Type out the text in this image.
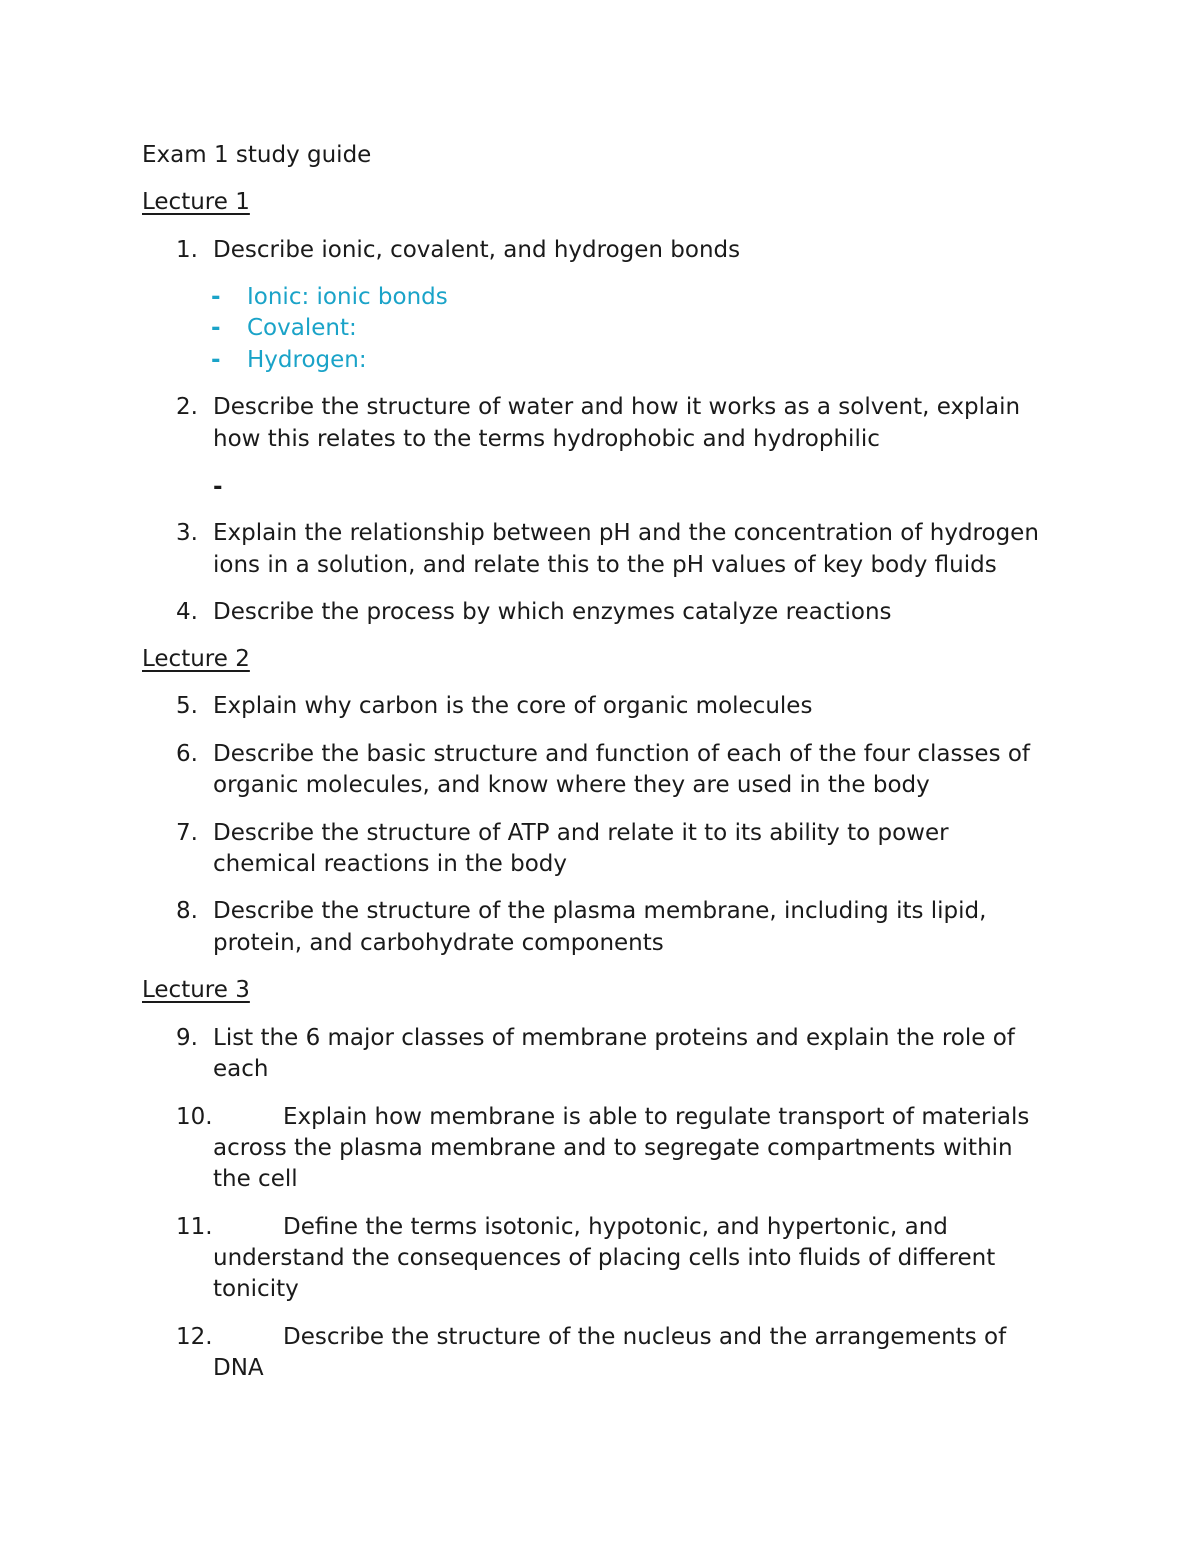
Exam 1 study guide
Lecture 1
1. Describe ionic, covalent, and hydrogen bonds
- Ionic: ionic bonds
- Covalent:
- Hydrogen:
2. Describe the structure of water and how it works as a solvent, explain
how this relates to the terms hydrophobic and hydrophilic
-
3. Explain the relationship between pH and the concentration of hydrogen
ions in a solution, and relate this to the pH values of key body fluids
4. Describe the process by which enzymes catalyze reactions
Lecture 2
5. Explain why carbon is the core of organic molecules
6. Describe the basic structure and function of each of the four classes of
organic molecules, and know where they are used in the body
7. Describe the structure of ATP and relate it to its ability to power
chemical reactions in the body
8. Describe the structure of the plasma membrane, including its lipid,
protein, and carbohydrate components
Lecture 3
9. List the 6 major classes of membrane proteins and explain the role of
each
10.	Explain how membrane is able to regulate transport of materials
across the plasma membrane and to segregate compartments within
the cell
11.	Define the terms isotonic, hypotonic, and hypertonic, and
understand the consequences of placing cells into fluids of different
tonicity
12.	Describe the structure of the nucleus and the arrangements of
DNA
